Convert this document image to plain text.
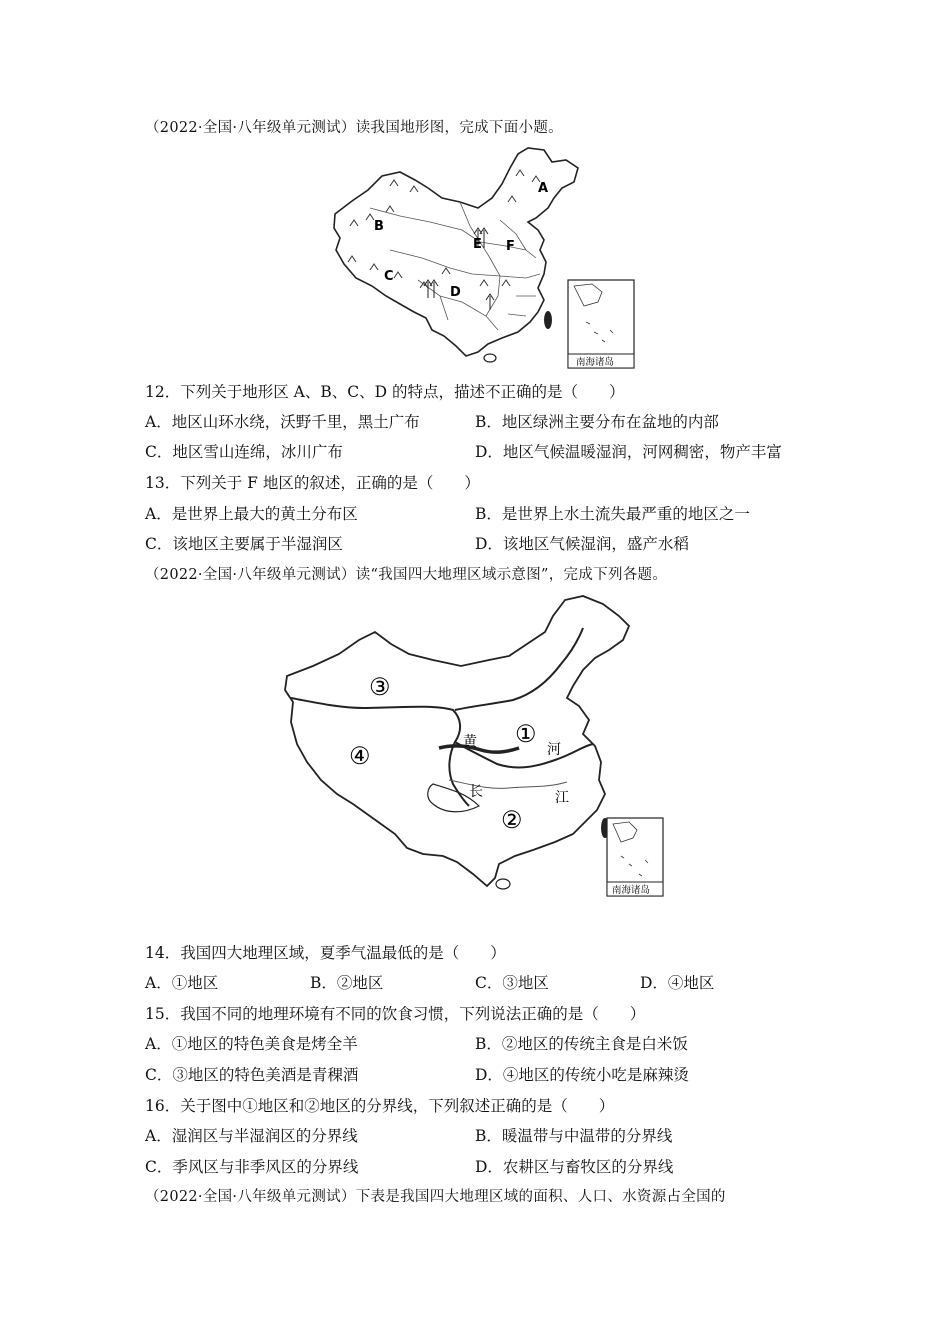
（2022·全国·八年级单元测试）读我国地形图，完成下面小题。
A
B
C
D
E F
南海诸岛
12．下列关于地形区 A、B、C、D 的特点，描述不正确的是（　　）
A．地区山环水绕，沃野千里，黑土广布	B．地区绿洲主要分布在盆地的内部
C．地区雪山连绵，冰川广布	D．地区气候温暖湿润，河网稠密，物产丰富
13．下列关于 F 地区的叙述，正确的是（　　）
A．是世界上最大的黄土分布区	B．是世界上水土流失最严重的地区之一
C．该地区主要属于半湿润区	D．该地区气候湿润，盛产水稻
（2022·全国·八年级单元测试）读“我国四大地理区域示意图”，完成下列各题。
③
④
①
②
黄	河
长	江
南海诸岛
14．我国四大地理区域，夏季气温最低的是（　　）
A．①地区	B．②地区	C．③地区	D．④地区
15．我国不同的地理环境有不同的饮食习惯，下列说法正确的是（　　）
A．①地区的特色美食是烤全羊	B．②地区的传统主食是白米饭
C．③地区的特色美酒是青稞酒	D．④地区的传统小吃是麻辣烫
16．关于图中①地区和②地区的分界线，下列叙述正确的是（　　）
A．湿润区与半湿润区的分界线	B．暖温带与中温带的分界线
C．季风区与非季风区的分界线	D．农耕区与畜牧区的分界线
（2022·全国·八年级单元测试）下表是我国四大地理区域的面积、人口、水资源占全国的
